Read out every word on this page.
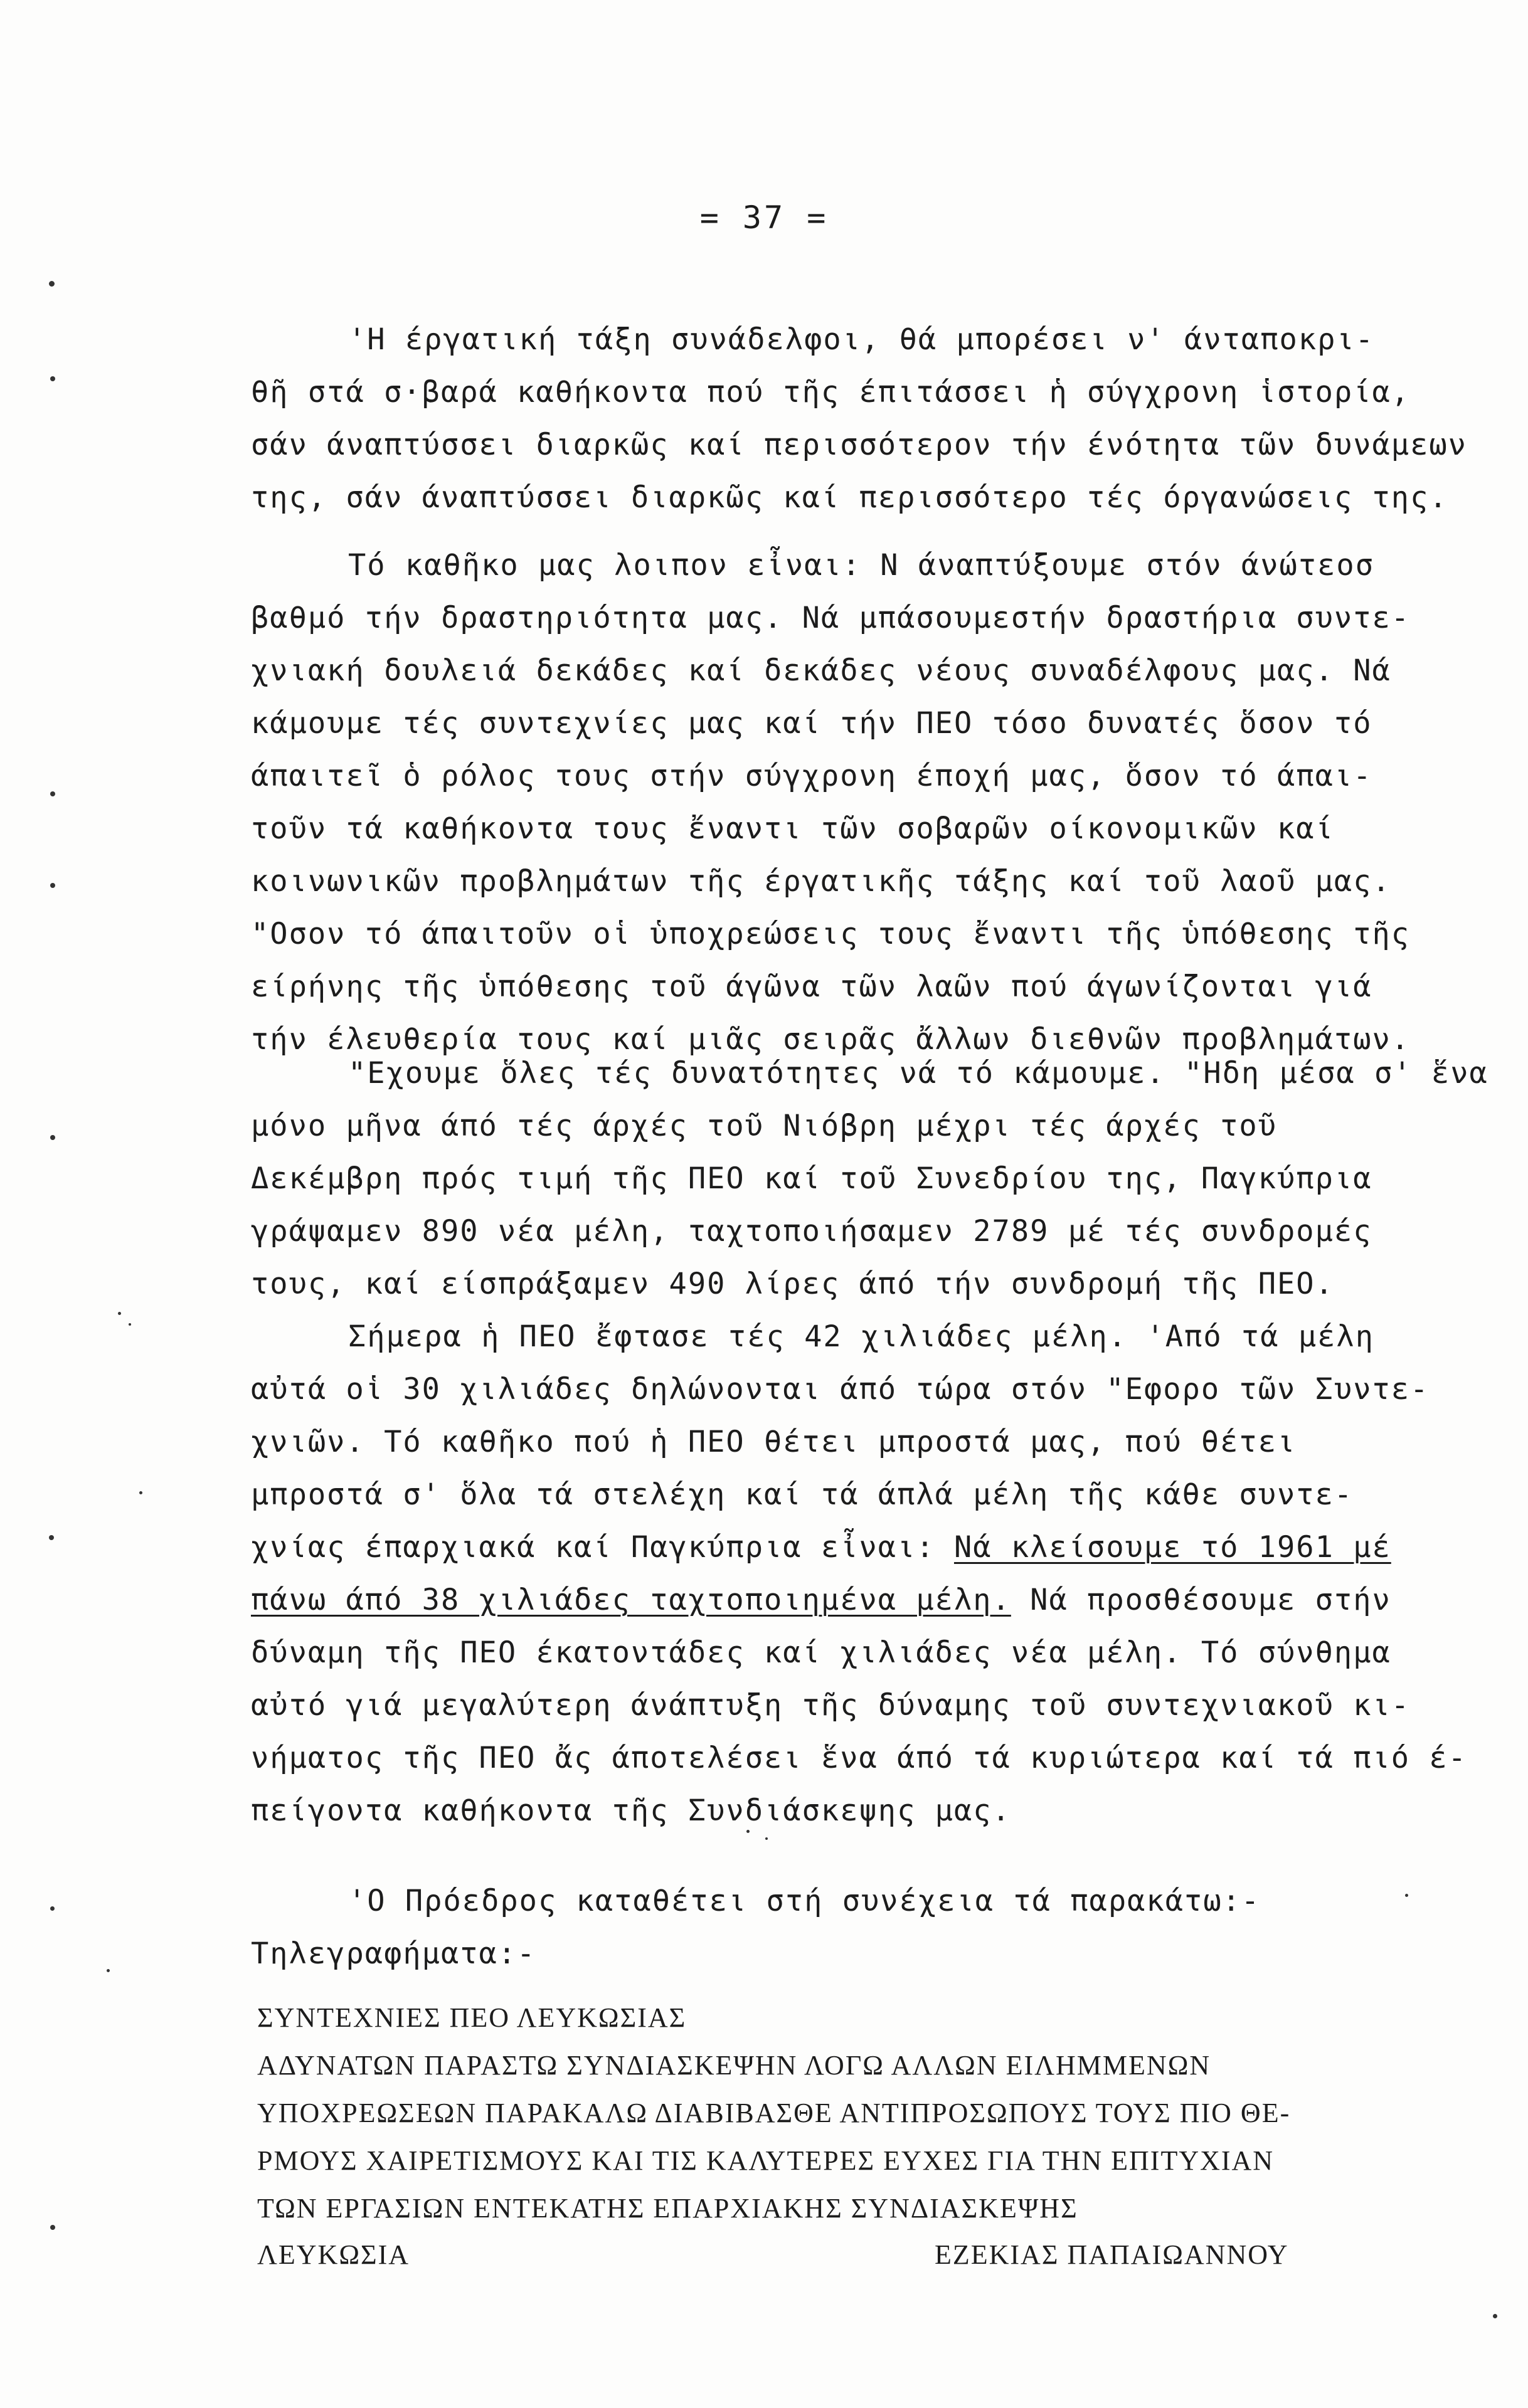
= 37 =
'Η έργατική τάξη συνάδελφοι, θά μπορέσει ν' άνταποκρι-
θῆ στά σ·βαρά καθήκοντα πού τῆς έπιτάσσει ἡ σύγχρονη ἱστορία,
σάν άναπτύσσει διαρκῶς καί περισσότερον τήν ένότητα τῶν δυνάμεων
της, σάν άναπτύσσει διαρκῶς καί περισσότερο τές όργανώσεις της.
Τό καθῆκο μας λοιπον εἶναι: Ν άναπτύξουμε στόν άνώτεοσ
βαθμό τήν δραστηριότητα μας. Νά μπάσουμεστήν δραστήρια συντε-
χνιακή δουλειά δεκάδες καί δεκάδες νέους συναδέλφους μας. Νά
κάμουμε τές συντεχνίες μας καί τήν ΠΕΟ τόσο δυνατές ὅσον τό
άπαιτεῖ ὁ ρόλος τους στήν σύγχρονη έποχή μας, ὅσον τό άπαι-
τοῦν τά καθήκοντα τους ἔναντι τῶν σοβαρῶν οίκονομικῶν καί
κοινωνικῶν προβλημάτων τῆς έργατικῆς τάξης καί τοῦ λαοῦ μας.
"Οσον τό άπαιτοῦν οἱ ὑποχρεώσεις τους ἔναντι τῆς ὑπόθεσης τῆς
είρήνης τῆς ὑπόθεσης τοῦ άγῶνα τῶν λαῶν πού άγωνίζονται γιά
τήν έλευθερία τους καί μιᾶς σειρᾶς ἄλλων διεθνῶν προβλημάτων.
"Εχουμε ὅλες τές δυνατότητες νά τό κάμουμε. "Ηδη μέσα σ' ἕνα
μόνο μῆνα άπό τές άρχές τοῦ Νιόβρη μέχρι τές άρχές τοῦ
Δεκέμβρη πρός τιμή τῆς ΠΕΟ καί τοῦ Συνεδρίου της, Παγκύπρια
γράψαμεν 890 νέα μέλη, ταχτοποιήσαμεν 2789 μέ τές συνδρομές
τους, καί είσπράξαμεν 490 λίρες άπό τήν συνδρομή τῆς ΠΕΟ.
Σήμερα ἡ ΠΕΟ ἔφτασε τές 42 χιλιάδες μέλη. 'Από τά μέλη
αὐτά οἱ 30 χιλιάδες δηλώνονται άπό τώρα στόν "Εφορο τῶν Συντε-
χνιῶν. Τό καθῆκο πού ἡ ΠΕΟ θέτει μπροστά μας, πού θέτει
μπροστά σ' ὅλα τά στελέχη καί τά άπλά μέλη τῆς κάθε συντε-
χνίας έπαρχιακά καί Παγκύπρια εἶναι: Νά κλείσουμε τό 1961 μέ
πάνω άπό 38 χιλιάδες ταχτοποιημένα μέλη. Νά προσθέσουμε στήν
δύναμη τῆς ΠΕΟ έκατοντάδες καί χιλιάδες νέα μέλη. Τό σύνθημα
αὐτό γιά μεγαλύτερη άνάπτυξη τῆς δύναμης τοῦ συντεχνιακοῦ κι-
νήματος τῆς ΠΕΟ ἄς άποτελέσει ἕνα άπό τά κυριώτερα καί τά πιό έ-
πείγοντα καθήκοντα τῆς Συνδιάσκεψης μας.
'Ο Πρόεδρος καταθέτει στή συνέχεια τά παρακάτω:-
Τηλεγραφήματα:-
ΣΥΝΤΕΧΝΙΕΣ ΠΕΟ ΛΕΥΚΩΣΙΑΣ
ΑΔΥΝΑΤΩΝ ΠΑΡΑΣΤΩ ΣΥΝΔΙΑΣΚΕΨΗΝ ΛΟΓΩ ΑΛΛΩΝ ΕΙΛΗΜΜΕΝΩΝ
ΥΠΟΧΡΕΩΣΕΩΝ ΠΑΡΑΚΑΛΩ ΔΙΑΒΙΒΑΣΘΕ ΑΝΤΙΠΡΟΣΩΠΟΥΣ ΤΟΥΣ ΠΙΟ ΘΕ-
ΡΜΟΥΣ ΧΑΙΡΕΤΙΣΜΟΥΣ ΚΑΙ ΤΙΣ ΚΑΛΥΤΕΡΕΣ ΕΥΧΕΣ ΓΙΑ ΤΗΝ ΕΠΙΤΥΧΙΑΝ
ΤΩΝ ΕΡΓΑΣΙΩΝ ΕΝΤΕΚΑΤΗΣ ΕΠΑΡΧΙΑΚΗΣ ΣΥΝΔΙΑΣΚΕΨΗΣ
ΛΕΥΚΩΣΙΑ	ΕΖΕΚΙΑΣ ΠΑΠΑΙΩΑΝΝΟΥ
